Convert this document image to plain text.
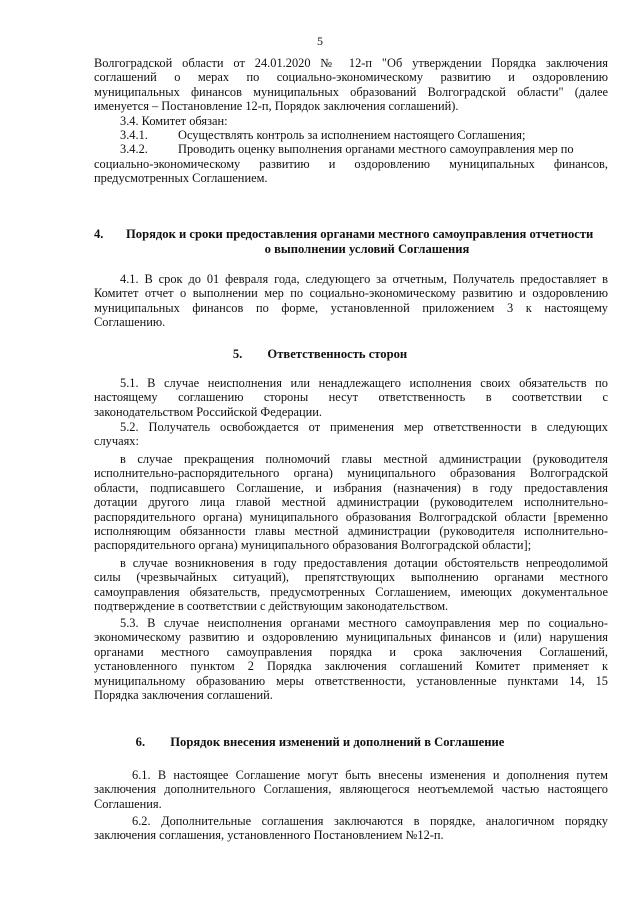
5

Волгоградской области от 24.01.2020 № 12-п "Об утверждении Порядка заключения

соглашений о мерах по социально-экономическому развитию и оздоровлению

муниципальных финансов муниципальных образований Волгоградской области" (далее

именуется – Постановление 12-п, Порядок заключения соглашений).

3.4. Комитет обязан:

3.4.1.	Осуществлять контроль за исполнением настоящего Соглашения;

3.4.2.	Проводить оценку выполнения органами местного самоуправления мер по

социально-экономическому развитию и оздоровлению муниципальных финансов,

предусмотренных Соглашением.

4.	Порядок и сроки предоставления органами местного самоуправления отчетности
о выполнении условий Соглашения

4.1. В срок до 01 февраля года, следующего за отчетным, Получатель предоставляет в

Комитет отчет о выполнении мер по социально-экономическому развитию и оздоровлению

муниципальных финансов по форме, установленной приложением 3 к настоящему

Соглашению.

5. Ответственность сторон

5.1. В случае неисполнения или ненадлежащего исполнения своих обязательств по

настоящему соглашению стороны несут ответственность в соответствии с

законодательством Российской Федерации.

5.2. Получатель освобождается от применения мер ответственности в следующих

случаях:

в случае прекращения полномочий главы местной администрации (руководителя

исполнительно-распорядительного органа) муниципального образования Волгоградской

области, подписавшего Соглашение, и избрания (назначения) в году предоставления

дотации другого лица главой местной администрации (руководителем исполнительно-

распорядительного органа) муниципального образования Волгоградской области [временно

исполняющим обязанности главы местной администрации (руководителя исполнительно-

распорядительного органа) муниципального образования Волгоградской области];

в случае возникновения в году предоставления дотации обстоятельств непреодолимой

силы (чрезвычайных ситуаций), препятствующих выполнению органами местного

самоуправления обязательств, предусмотренных Соглашением, имеющих документальное

подтверждение в соответствии с действующим законодательством.

5.3. В случае неисполнения органами местного самоуправления мер по социально-

экономическому развитию и оздоровлению муниципальных финансов и (или) нарушения

органами местного самоуправления порядка и срока заключения Соглашений,

установленного пунктом 2 Порядка заключения соглашений Комитет применяет к

муниципальному образованию меры ответственности, установленные пунктами 14, 15

Порядка заключения соглашений.

6. Порядок внесения изменений и дополнений в Соглашение

6.1. В настоящее Соглашение могут быть внесены изменения и дополнения путем

заключения дополнительного Соглашения, являющегося неотъемлемой частью настоящего

Соглашения.

6.2. Дополнительные соглашения заключаются в порядке, аналогичном порядку

заключения соглашения, установленного Постановлением №12-п.
